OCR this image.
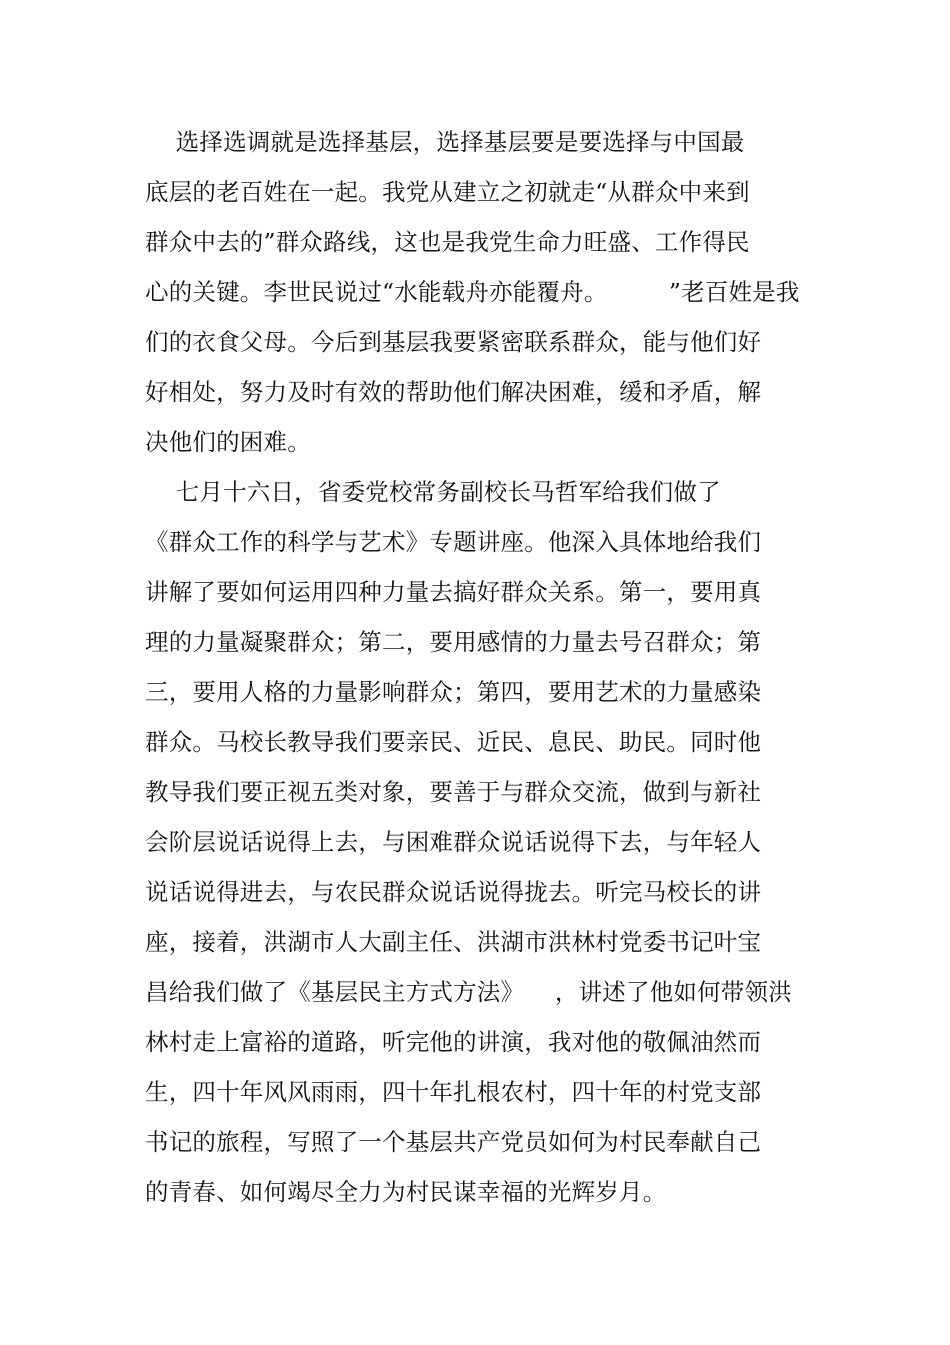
选择选调就是选择基层，选择基层要是要选择与中国最
底层的老百姓在一起。我党从建立之初就走“从群众中来到
群众中去的”群众路线，这也是我党生命力旺盛、工作得民
心的关键。李世民说过“水能载舟亦能覆舟。        ”老百姓是我
们的衣食父母。今后到基层我要紧密联系群众，能与他们好
好相处，努力及时有效的帮助他们解决困难，缓和矛盾，解
决他们的困难。
七月十六日，省委党校常务副校长马哲军给我们做了
《群众工作的科学与艺术》专题讲座。他深入具体地给我们
讲解了要如何运用四种力量去搞好群众关系。第一，要用真
理的力量凝聚群众；第二，要用感情的力量去号召群众；第
三，要用人格的力量影响群众；第四，要用艺术的力量感染
群众。马校长教导我们要亲民、近民、息民、助民。同时他
教导我们要正视五类对象，要善于与群众交流，做到与新社
会阶层说话说得上去，与困难群众说话说得下去，与年轻人
说话说得进去，与农民群众说话说得拢去。听完马校长的讲
座，接着，洪湖市人大副主任、洪湖市洪林村党委书记叶宝
昌给我们做了《基层民主方式方法》    ，讲述了他如何带领洪
林村走上富裕的道路，听完他的讲演，我对他的敬佩油然而
生，四十年风风雨雨，四十年扎根农村，四十年的村党支部
书记的旅程，写照了一个基层共产党员如何为村民奉献自己
的青春、如何竭尽全力为村民谋幸福的光辉岁月。
